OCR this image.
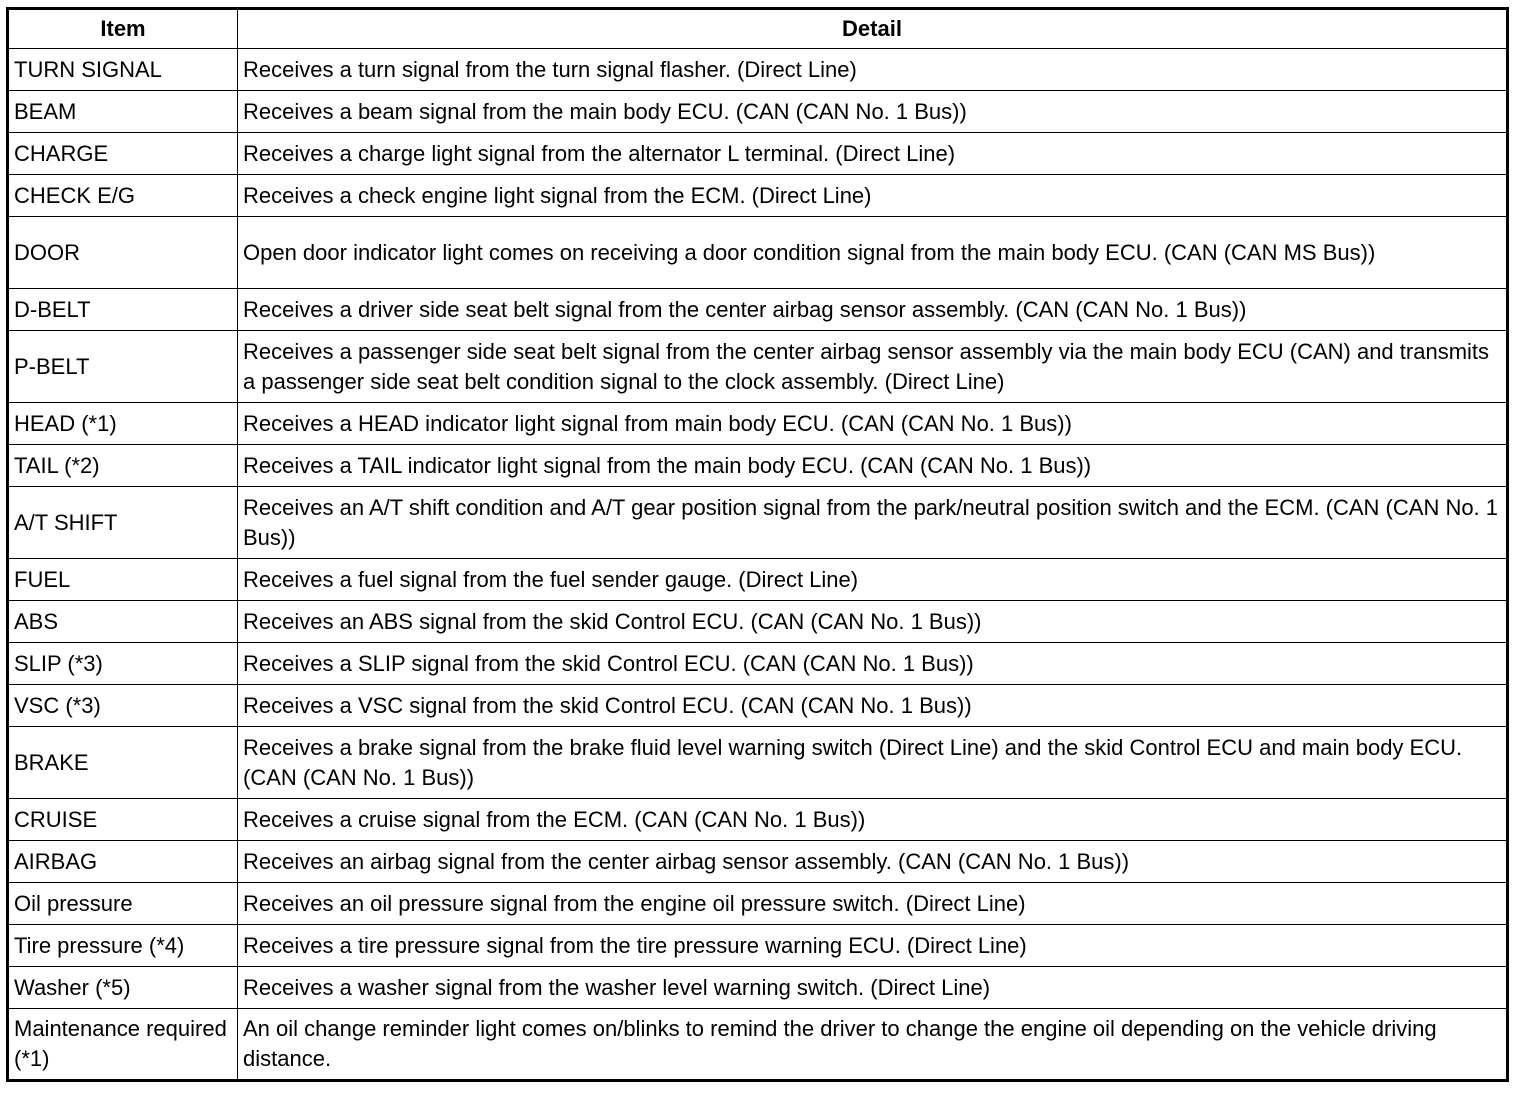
Item	Detail
TURN SIGNAL	Receives a turn signal from the turn signal flasher. (Direct Line)
BEAM	Receives a beam signal from the main body ECU. (CAN (CAN No. 1 Bus))
CHARGE	Receives a charge light signal from the alternator L terminal. (Direct Line)
CHECK E/G	Receives a check engine light signal from the ECM. (Direct Line)
DOOR	Open door indicator light comes on receiving a door condition signal from the main body ECU. (CAN (CAN MS Bus))
D-BELT	Receives a driver side seat belt signal from the center airbag sensor assembly. (CAN (CAN No. 1 Bus))
P-BELT	Receives a passenger side seat belt signal from the center airbag sensor assembly via the main body ECU (CAN) and transmits a passenger side seat belt condition signal to the clock assembly. (Direct Line)
HEAD (*1)	Receives a HEAD indicator light signal from main body ECU. (CAN (CAN No. 1 Bus))
TAIL (*2)	Receives a TAIL indicator light signal from the main body ECU. (CAN (CAN No. 1 Bus))
A/T SHIFT	Receives an A/T shift condition and A/T gear position signal from the park/neutral position switch and the ECM. (CAN (CAN No. 1 Bus))
FUEL	Receives a fuel signal from the fuel sender gauge. (Direct Line)
ABS	Receives an ABS signal from the skid Control ECU. (CAN (CAN No. 1 Bus))
SLIP (*3)	Receives a SLIP signal from the skid Control ECU. (CAN (CAN No. 1 Bus))
VSC (*3)	Receives a VSC signal from the skid Control ECU. (CAN (CAN No. 1 Bus))
BRAKE	Receives a brake signal from the brake fluid level warning switch (Direct Line) and the skid Control ECU and main body ECU. (CAN (CAN No. 1 Bus))
CRUISE	Receives a cruise signal from the ECM. (CAN (CAN No. 1 Bus))
AIRBAG	Receives an airbag signal from the center airbag sensor assembly. (CAN (CAN No. 1 Bus))
Oil pressure	Receives an oil pressure signal from the engine oil pressure switch. (Direct Line)
Tire pressure (*4)	Receives a tire pressure signal from the tire pressure warning ECU. (Direct Line)
Washer (*5)	Receives a washer signal from the washer level warning switch. (Direct Line)
Maintenance required (*1)	An oil change reminder light comes on/blinks to remind the driver to change the engine oil depending on the vehicle driving distance.
